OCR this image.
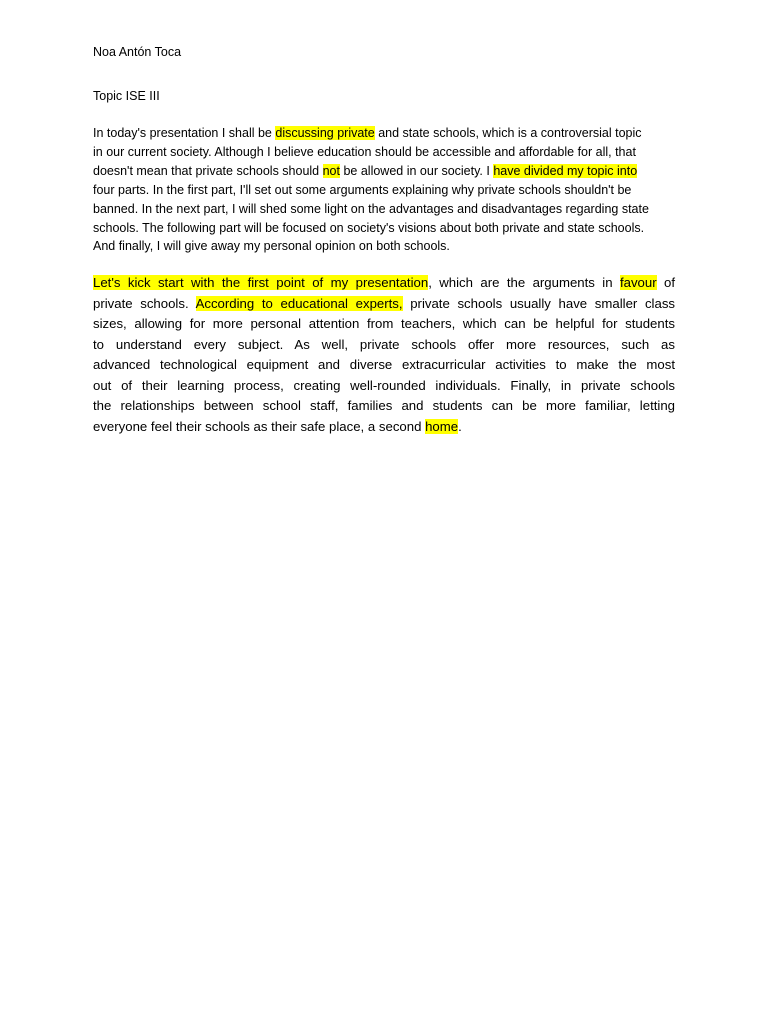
Noa Antón Toca
Topic ISE III
In today's presentation I shall be discussing private and state schools, which is a controversial topic
in our current society. Although I believe education should be accessible and affordable for all, that
doesn't mean that private schools should not be allowed in our society. I have divided my topic into
four parts. In the first part, I'll set out some arguments explaining why private schools shouldn't be
banned. In the next part, I will shed some light on the advantages and disadvantages regarding state
schools. The following part will be focused on society's visions about both private and state schools.
And finally, I will give away my personal opinion on both schools.
Let's kick start with the first point of my presentation, which are the arguments in favour of
private schools. According to educational experts, private schools usually have smaller class
sizes, allowing for more personal attention from teachers, which can be helpful for students
to understand every subject. As well, private schools offer more resources, such as
advanced technological equipment and diverse extracurricular activities to make the most
out of their learning process, creating well-rounded individuals. Finally, in private schools
the relationships between school staff, families and students can be more familiar, letting
everyone feel their schools as their safe place, a second home.
